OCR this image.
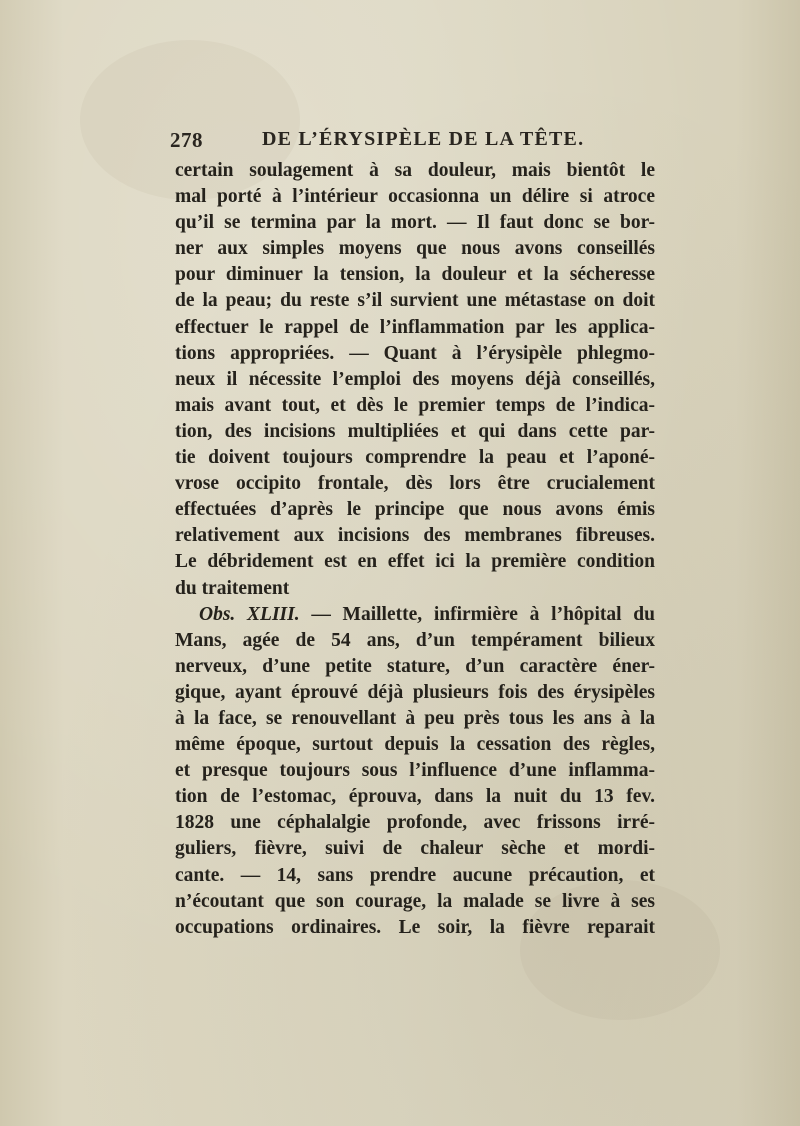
278	DE L’ÉRYSIPÈLE DE LA TÊTE.
certain soulagement à sa douleur, mais bientôt le
mal porté à l’intérieur occasionna un délire si atroce
qu’il se termina par la mort. — Il faut donc se bor-
ner aux simples moyens que nous avons conseillés
pour diminuer la tension, la douleur et la sécheresse
de la peau; du reste s’il survient une métastase on doit
effectuer le rappel de l’inflammation par les applica-
tions appropriées. — Quant à l’érysipèle phlegmo-
neux il nécessite l’emploi des moyens déjà conseillés,
mais avant tout, et dès le premier temps de l’indica-
tion, des incisions multipliées et qui dans cette par-
tie doivent toujours comprendre la peau et l’aponé-
vrose occipito frontale, dès lors être crucialement
effectuées d’après le principe que nous avons émis
relativement aux incisions des membranes fibreuses.
Le débridement est en effet ici la première condition
du traitement
Obs. XLIII. — Maillette, infirmière à l’hôpital du
Mans, agée de 54 ans, d’un tempérament bilieux
nerveux, d’une petite stature, d’un caractère éner-
gique, ayant éprouvé déjà plusieurs fois des érysipèles
à la face, se renouvellant à peu près tous les ans à la
même époque, surtout depuis la cessation des règles,
et presque toujours sous l’influence d’une inflamma-
tion de l’estomac, éprouva, dans la nuit du 13 fev.
1828 une céphalalgie profonde, avec frissons irré-
guliers, fièvre, suivi de chaleur sèche et mordi-
cante. — 14, sans prendre aucune précaution, et
n’écoutant que son courage, la malade se livre à ses
occupations ordinaires. Le soir, la fièvre reparait
